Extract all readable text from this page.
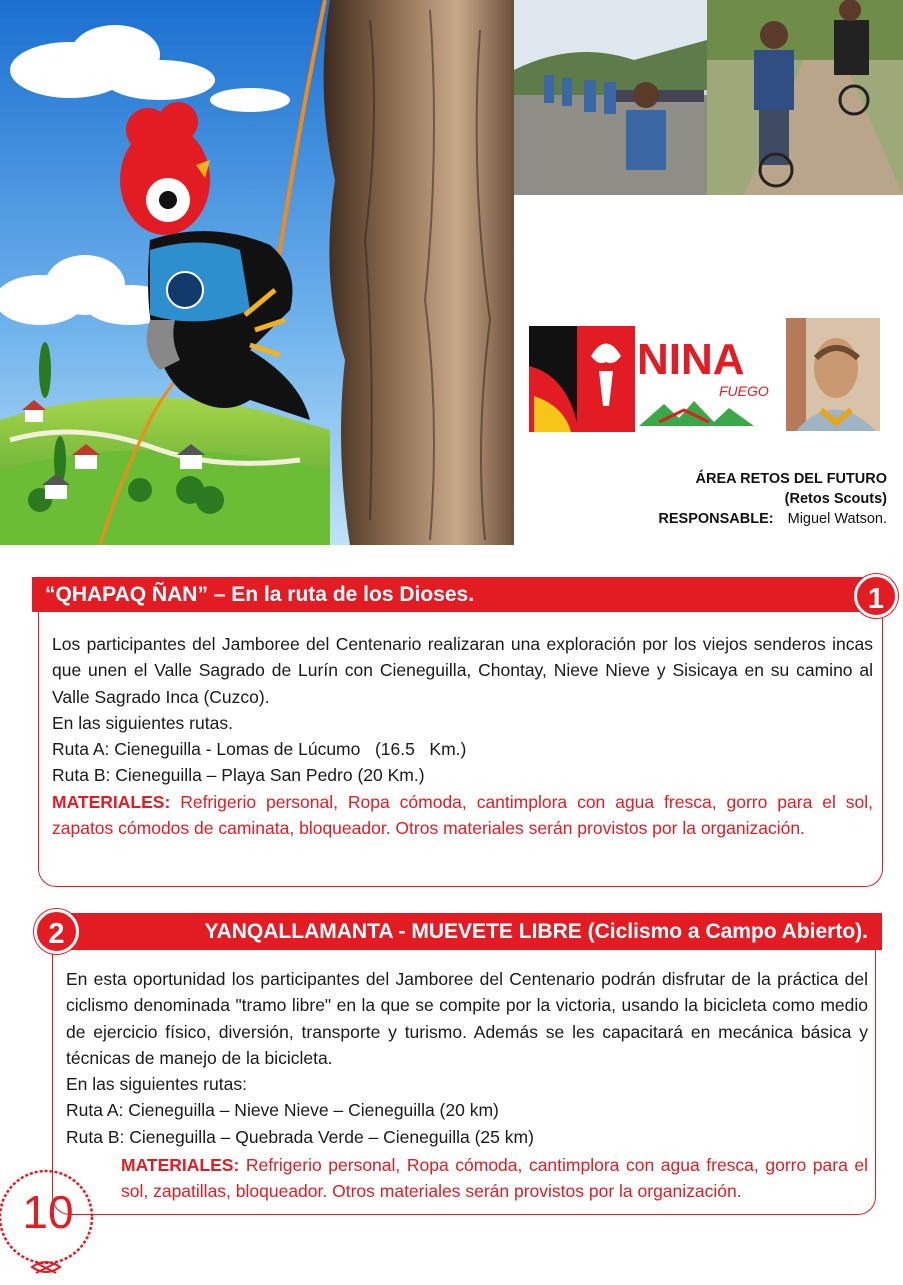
NINA
FUEGO
ÁREA RETOS DEL FUTURO
(Retos Scouts)
RESPONSABLE: Miguel Watson.
“QHAPAQ ÑAN” – En la ruta de los Dioses.	1
Los participantes del Jamboree del Centenario realizaran una exploración por los viejos senderos incas que unen el Valle Sagrado de Lurín con Cieneguilla, Chontay, Nieve Nieve y Sisicaya en su camino al Valle Sagrado Inca (Cuzco).
En las siguientes rutas.
Ruta A: Cieneguilla - Lomas de Lúcumo   (16.5   Km.)
Ruta B: Cieneguilla – Playa San Pedro (20 Km.)
MATERIALES: Refrigerio personal, Ropa cómoda, cantimplora con agua fresca, gorro para el sol, zapatos cómodos de caminata, bloqueador. Otros materiales serán provistos por la organización.
YANQALLAMANTA - MUEVETE LIBRE (Ciclismo a Campo Abierto).
2
En esta oportunidad los participantes del Jamboree del Centenario podrán disfrutar de la práctica del ciclismo denominada "tramo libre" en la que se compite por la victoria, usando la bicicleta como medio de ejercicio físico, diversión, transporte y turismo. Además se les capacitará en mecánica básica y técnicas de manejo de la bicicleta.
En las siguientes rutas:
Ruta A: Cieneguilla – Nieve Nieve – Cieneguilla (20 km)
Ruta B: Cieneguilla – Quebrada Verde – Cieneguilla (25 km)
MATERIALES: Refrigerio personal, Ropa cómoda, cantimplora con agua fresca, gorro para el sol, zapatillas, bloqueador. Otros materiales serán provistos por la organización.
10
